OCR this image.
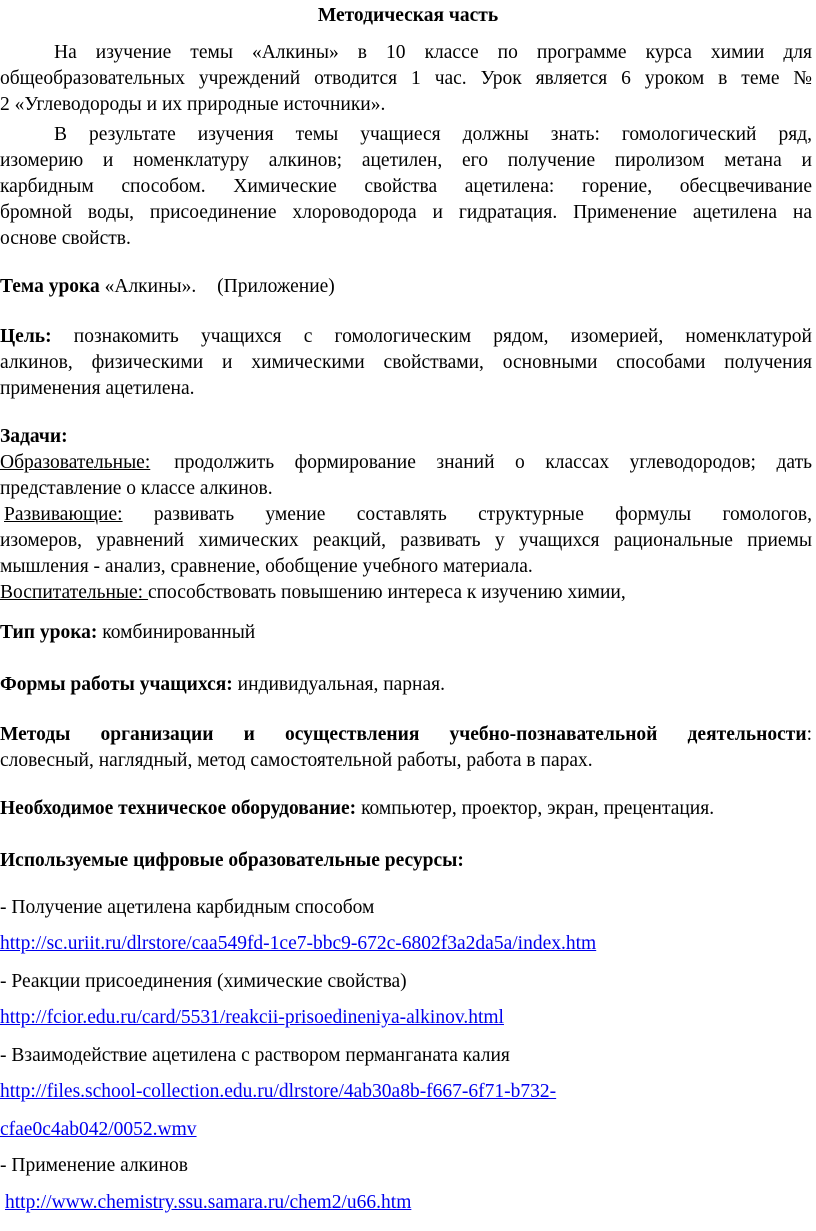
Методическая часть
На изучение темы «Алкины» в 10 классе по программе курса химии для
общеобразовательных учреждений отводится 1 час. Урок является 6 уроком в теме №
2 «Углеводороды и их природные источники».
В результате изучения темы учащиеся должны знать: гомологический ряд,
изомерию и номенклатуру алкинов; ацетилен, его получение пиролизом метана и
карбидным способом. Химические свойства ацетилена: горение, обесцвечивание
бромной воды, присоединение хлороводорода и гидратация. Применение ацетилена на
основе свойств.
Тема урока «Алкины». (Приложение)
Цель: познакомить учащихся с гомологическим рядом, изомерией, номенклатурой
алкинов, физическими и химическими свойствами, основными способами получения
применения ацетилена.
Задачи:
Образовательные: продолжить формирование знаний о классах углеводородов; дать
представление о классе алкинов.
Развивающие: развивать умение составлять структурные формулы гомологов,
изомеров, уравнений химических реакций, развивать у учащихся рациональные приемы
мышления - анализ, сравнение, обобщение учебного материала.
Воспитательные: способствовать повышению интереса к изучению химии,
Тип урока: комбинированный
Формы работы учащихся: индивидуальная, парная.
Методы организации и осуществления учебно-познавательной деятельности:
словесный, наглядный, метод самостоятельной работы, работа в парах.
Необходимое техническое оборудование: компьютер, проектор, экран, прецентация.
Используемые цифровые образовательные ресурсы:
- Получение ацетилена карбидным способом
http://sc.uriit.ru/dlrstore/caa549fd-1ce7-bbc9-672c-6802f3a2da5a/index.htm
- Реакции присоединения (химические свойства)
http://fcior.edu.ru/card/5531/reakcii-prisoedineniya-alkinov.html
- Взаимодействие ацетилена с раствором перманганата калия
http://files.school-collection.edu.ru/dlrstore/4ab30a8b-f667-6f71-b732-
cfae0c4ab042/0052.wmv
- Применение алкинов
http://www.chemistry.ssu.samara.ru/chem2/u66.htm
